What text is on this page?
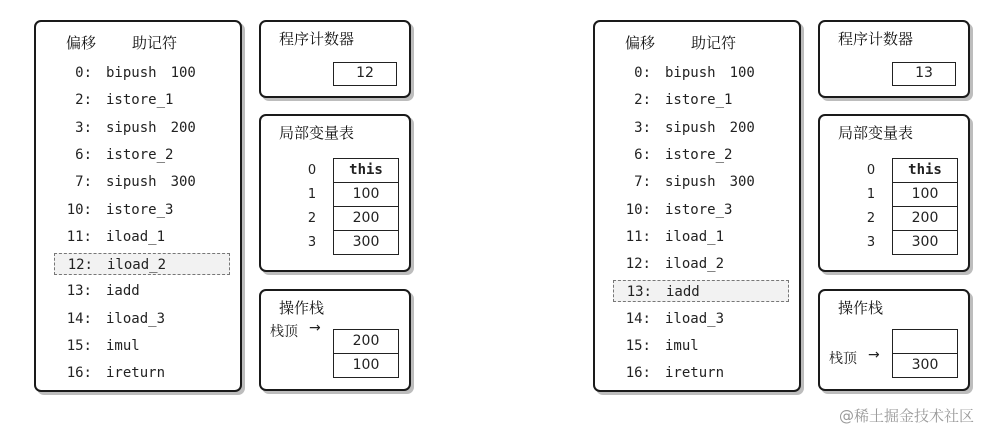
偏移 助记符
0: bipush 100
2: istore_1
3: sipush 200
6: istore_2
7: sipush 300
10: istore_3
11: iload_1
12: iload_2
13: iadd
14: iload_3
15: imul
16: ireturn
程序计数器
12
局部变量表
0	this
1	100
2	200
3	300
操作栈
栈顶 →
200
100
偏移 助记符
0: bipush 100
2: istore_1
3: sipush 200
6: istore_2
7: sipush 300
10: istore_3
11: iload_1
12: iload_2
13: iadd
14: iload_3
15: imul
16: ireturn
程序计数器
13
局部变量表
0	this
1	100
2	200
3	300
操作栈
栈顶 →
300
@稀土掘金技术社区
